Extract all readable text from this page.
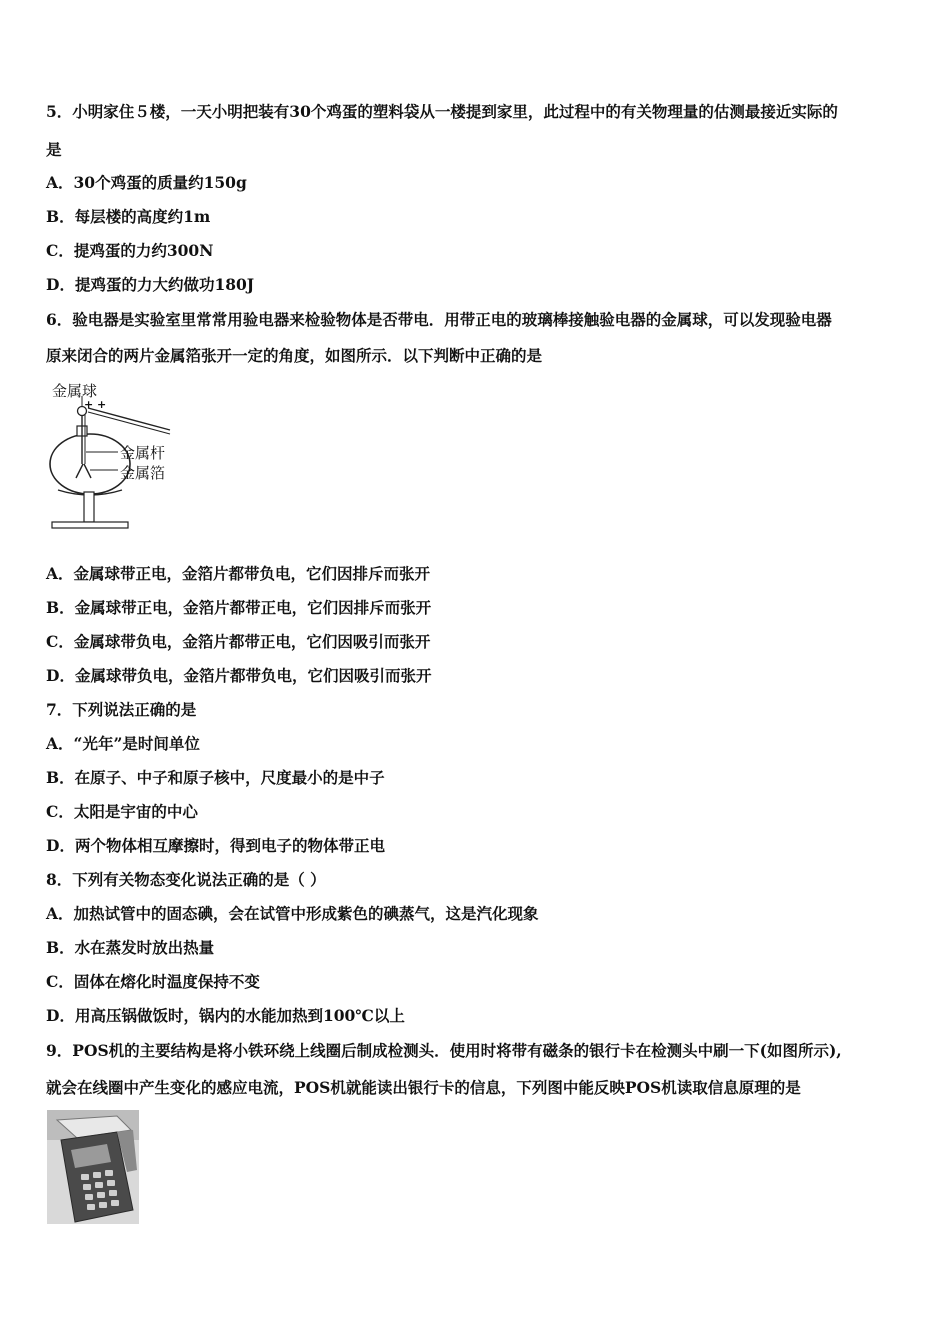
5．小明家住５楼，一天小明把装有30个鸡蛋的塑料袋从一楼提到家里，此过程中的有关物理量的估测最接近实际的
是
A．30个鸡蛋的质量约150g
B．每层楼的高度约1m
C．提鸡蛋的力约300N
D．提鸡蛋的力大约做功180J
6．验电器是实验室里常常用验电器来检验物体是否带电．用带正电的玻璃棒接触验电器的金属球，可以发现验电器
原来闭合的两片金属箔张开一定的角度，如图所示．以下判断中正确的是
金属球
+ +
金属杆
金属箔
A．金属球带正电，金箔片都带负电，它们因排斥而张开
B．金属球带正电，金箔片都带正电，它们因排斥而张开
C．金属球带负电，金箔片都带正电，它们因吸引而张开
D．金属球带负电，金箔片都带负电，它们因吸引而张开
7．下列说法正确的是
A．“光年”是时间单位
B．在原子、中子和原子核中，尺度最小的是中子
C．太阳是宇宙的中心
D．两个物体相互摩擦时，得到电子的物体带正电
8．下列有关物态变化说法正确的是（ ）
A．加热试管中的固态碘，会在试管中形成紫色的碘蒸气，这是汽化现象
B．水在蒸发时放出热量
C．固体在熔化时温度保持不变
D．用高压锅做饭时，锅内的水能加热到100℃以上
9．POS机的主要结构是将小铁环绕上线圈后制成检测头．使用时将带有磁条的银行卡在检测头中刷一下(如图所示),
就会在线圈中产生变化的感应电流，POS机就能读出银行卡的信息，下列图中能反映POS机读取信息原理的是
